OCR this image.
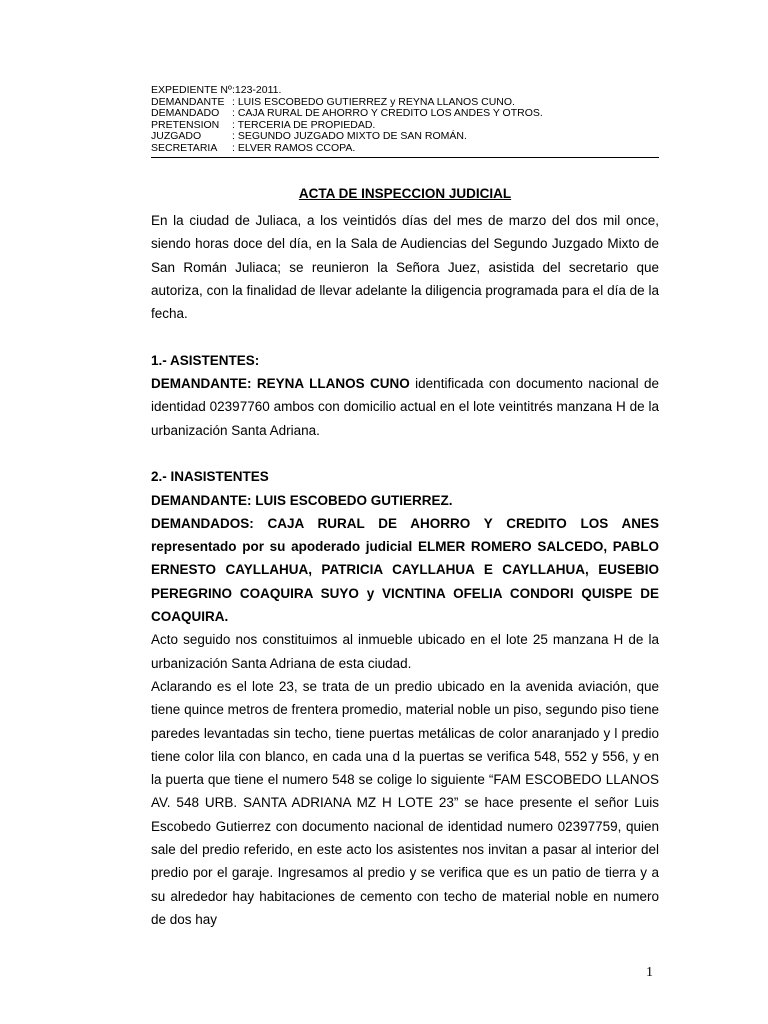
EXPEDIENTE Nº :123-2011.
DEMANDANTE : LUIS ESCOBEDO GUTIERREZ y REYNA LLANOS CUNO.
DEMANDADO	: CAJA RURAL DE AHORRO Y CREDITO LOS ANDES Y OTROS.
PRETENSION	: TERCERIA DE PROPIEDAD.
JUZGADO	: SEGUNDO JUZGADO MIXTO DE SAN ROMÁN.
SECRETARIA	: ELVER RAMOS CCOPA.
ACTA DE INSPECCION JUDICIAL

En la ciudad de Juliaca, a los veintidós días del mes de marzo del dos mil once, siendo horas doce del día, en la Sala de Audiencias del Segundo Juzgado Mixto de San Román Juliaca; se reunieron la Señora Juez, asistida del secretario que autoriza, con la finalidad de llevar adelante la diligencia programada para el día de la fecha.

1.- ASISTENTES:

DEMANDANTE: REYNA LLANOS CUNO identificada con documento nacional de identidad 02397760 ambos con domicilio actual en el lote veintitrés manzana H de la urbanización Santa Adriana.

2.- INASISTENTES

DEMANDANTE: LUIS ESCOBEDO GUTIERREZ.

DEMANDADOS: CAJA RURAL DE AHORRO Y CREDITO LOS ANES representado por su apoderado judicial ELMER ROMERO SALCEDO, PABLO ERNESTO CAYLLAHUA, PATRICIA CAYLLAHUA E CAYLLAHUA, EUSEBIO PEREGRINO COAQUIRA SUYO y VICNTINA OFELIA CONDORI QUISPE DE COAQUIRA.

Acto seguido nos constituimos al inmueble ubicado en el lote 25 manzana H de la urbanización Santa Adriana de esta ciudad.

Aclarando es el lote 23, se trata de un predio ubicado en la avenida aviación, que tiene quince metros de frentera promedio, material noble un piso, segundo piso tiene paredes levantadas sin techo, tiene puertas metálicas de color anaranjado y l predio tiene color lila con blanco, en cada una d la puertas se verifica 548, 552 y 556, y en la puerta que tiene el numero 548 se colige lo siguiente “FAM ESCOBEDO LLANOS AV. 548 URB. SANTA ADRIANA MZ H LOTE 23” se hace presente el señor Luis Escobedo Gutierrez con documento nacional de identidad numero 02397759, quien sale del predio referido, en este acto los asistentes nos invitan a pasar al interior del predio por el garaje. Ingresamos al predio y se verifica que es un patio de tierra y a su alrededor hay habitaciones de cemento con techo de material noble en numero de dos hay

1
